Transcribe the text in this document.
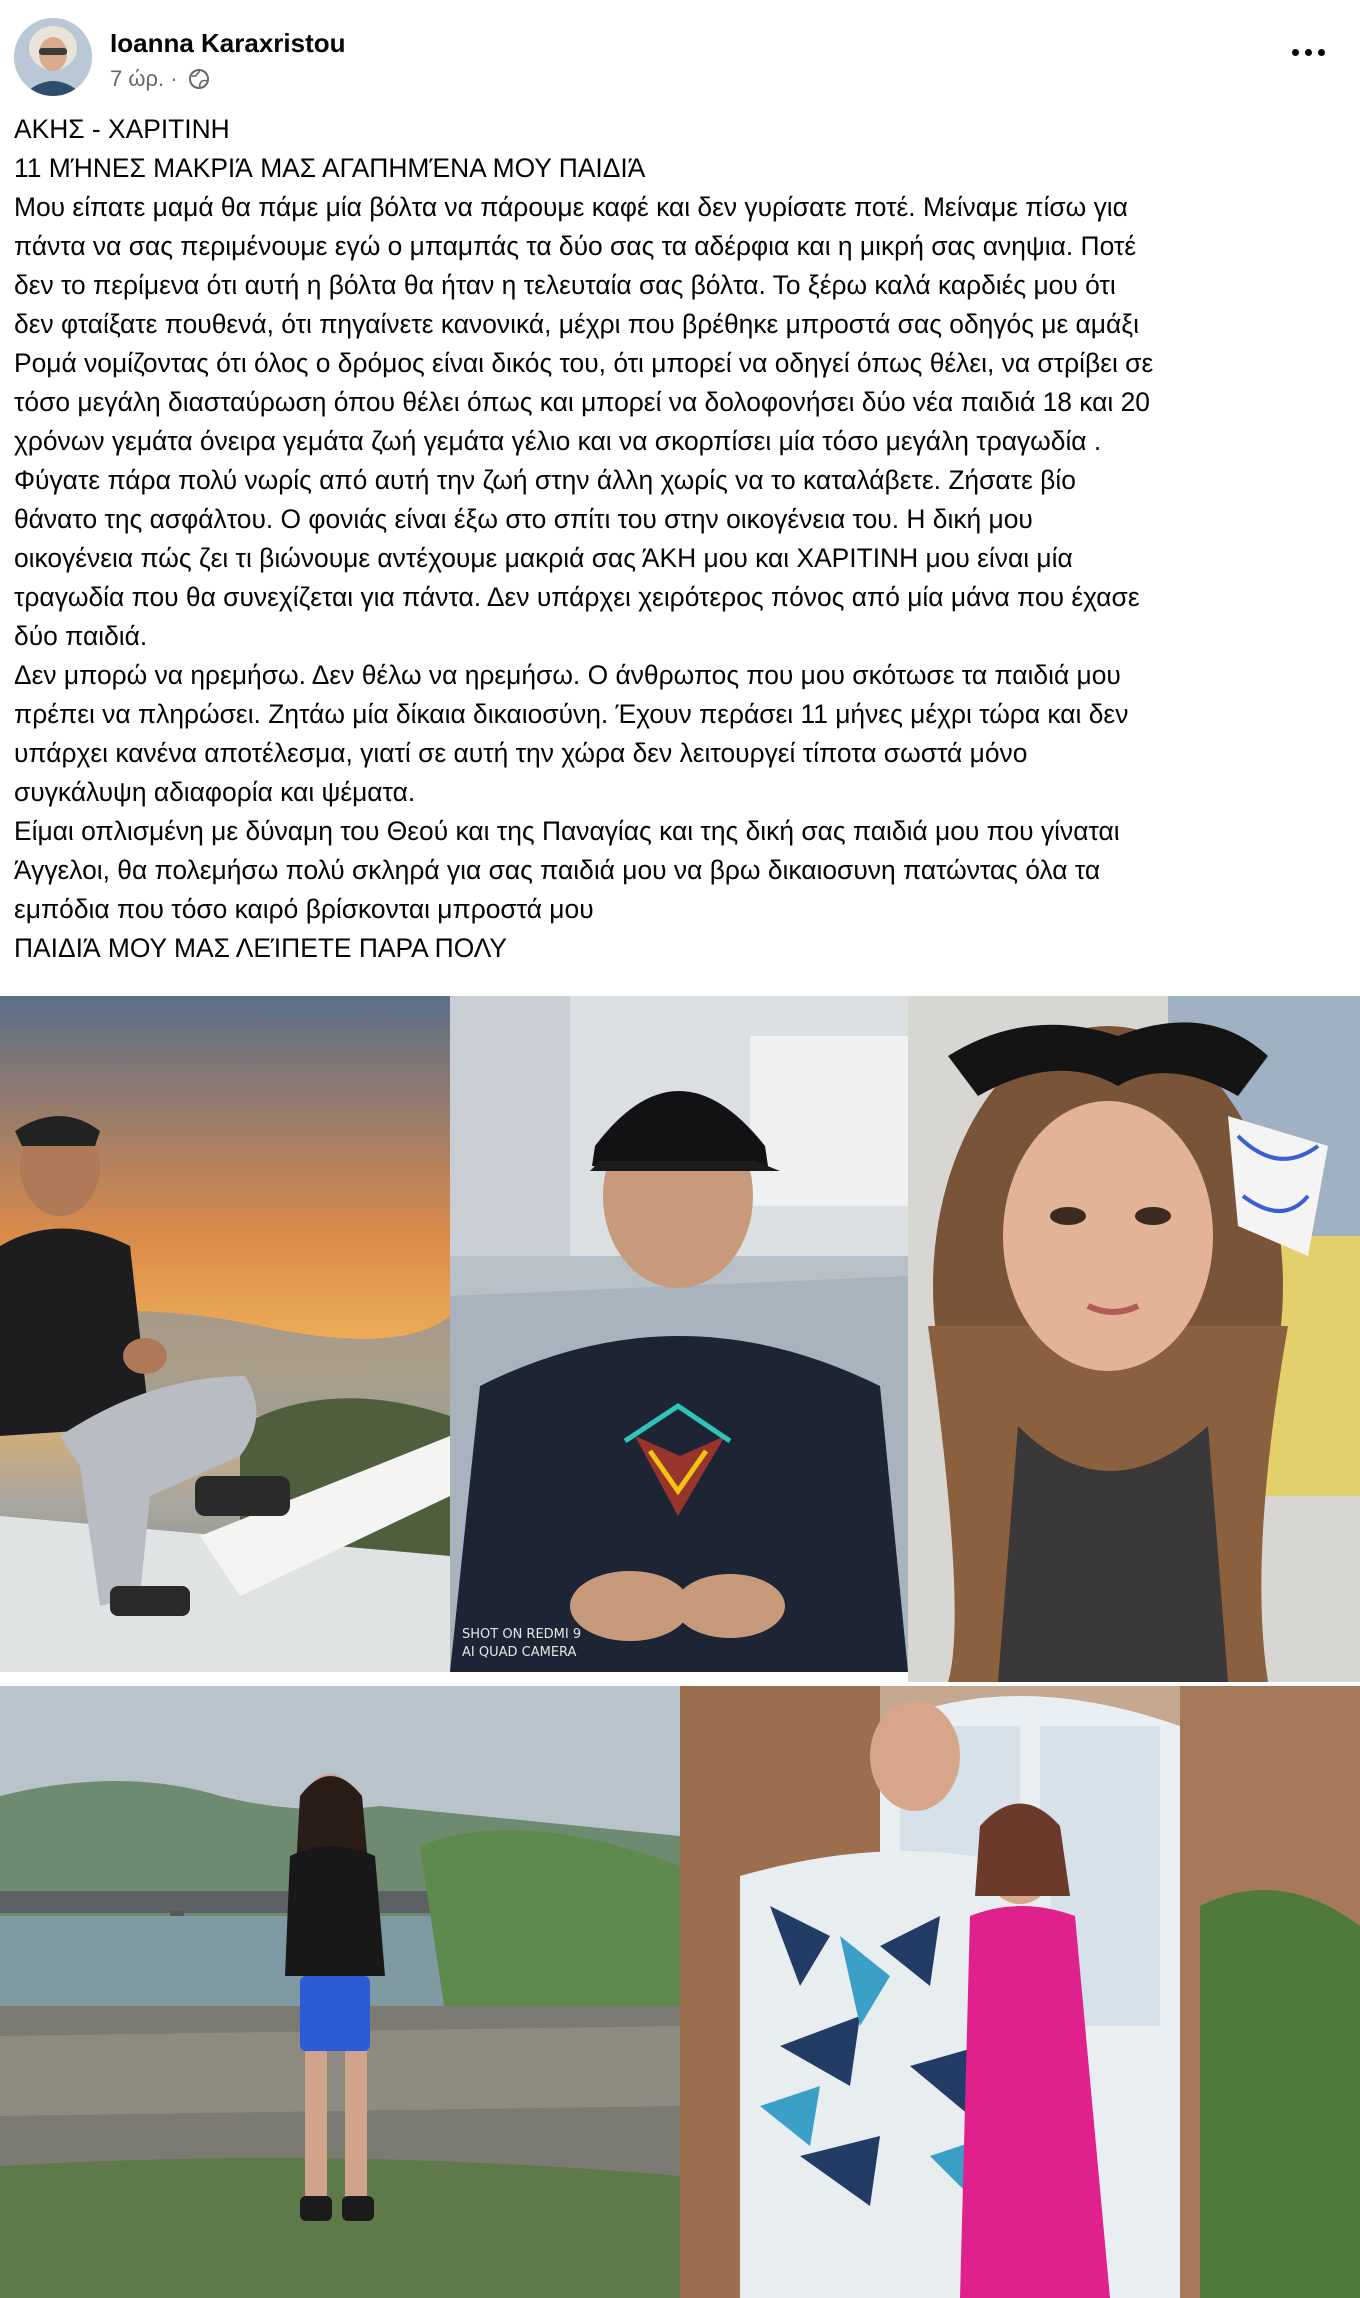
Ioanna Karaxristou
7 ώρ. ·

ΑΚΗΣ - ΧΑΡΙΤΙΝΗ

11 ΜΉΝΕΣ ΜΑΚΡΙΆ ΜΑΣ ΑΓΑΠΗΜΈΝΑ ΜΟΥ ΠΑΙΔΙΆ

Μου είπατε μαμά θα πάμε μία βόλτα να πάρουμε καφέ και δεν γυρίσατε ποτέ. Μείναμε πίσω για

πάντα να σας περιμένουμε εγώ ο μπαμπάς τα δύο σας τα αδέρφια και η μικρή σας ανηψια. Ποτέ

δεν το περίμενα ότι αυτή η βόλτα θα ήταν η τελευταία σας βόλτα. Το ξέρω καλά καρδιές μου ότι

δεν φταίξατε πουθενά, ότι πηγαίνετε κανονικά, μέχρι που βρέθηκε μπροστά σας οδηγός με αμάξι

Ρομά νομίζοντας ότι όλος ο δρόμος είναι δικός του, ότι μπορεί να οδηγεί όπως θέλει, να στρίβει σε

τόσο μεγάλη διασταύρωση όπου θέλει όπως και μπορεί να δολοφονήσει δύο νέα παιδιά 18 και 20

χρόνων γεμάτα όνειρα γεμάτα ζωή γεμάτα γέλιο και να σκορπίσει μία τόσο μεγάλη τραγωδία .

Φύγατε πάρα πολύ νωρίς από αυτή την ζωή στην άλλη χωρίς να το καταλάβετε. Ζήσατε βίο

θάνατο της ασφάλτου. Ο φονιάς είναι έξω στο σπίτι του στην οικογένεια του. Η δική μου

οικογένεια πώς ζει τι βιώνουμε αντέχουμε μακριά σας ΆΚΗ μου και ΧΑΡΙΤΙΝΗ μου είναι μία

τραγωδία που θα συνεχίζεται για πάντα. Δεν υπάρχει χειρότερος πόνος από μία μάνα που έχασε

δύο παιδιά.

Δεν μπορώ να ηρεμήσω. Δεν θέλω να ηρεμήσω. Ο άνθρωπος που μου σκότωσε τα παιδιά μου

πρέπει να πληρώσει. Ζητάω μία δίκαια δικαιοσύνη. Έχουν περάσει 11 μήνες μέχρι τώρα και δεν

υπάρχει κανένα αποτέλεσμα, γιατί σε αυτή την χώρα δεν λειτουργεί τίποτα σωστά μόνο

συγκάλυψη αδιαφορία και ψέματα.

Είμαι οπλισμένη με δύναμη του Θεού και της Παναγίας και της δική σας παιδιά μου που γίναται

Άγγελοι, θα πολεμήσω πολύ σκληρά για σας παιδιά μου να βρω δικαιοσυνη πατώντας όλα τα

εμπόδια που τόσο καιρό βρίσκονται μπροστά μου

ΠΑΙΔΙΆ ΜΟΥ ΜΑΣ ΛΕΊΠΕΤΕ ΠΑΡΑ ΠΟΛΥ

SHOT ON REDMI 9
AI QUAD CAMERA
